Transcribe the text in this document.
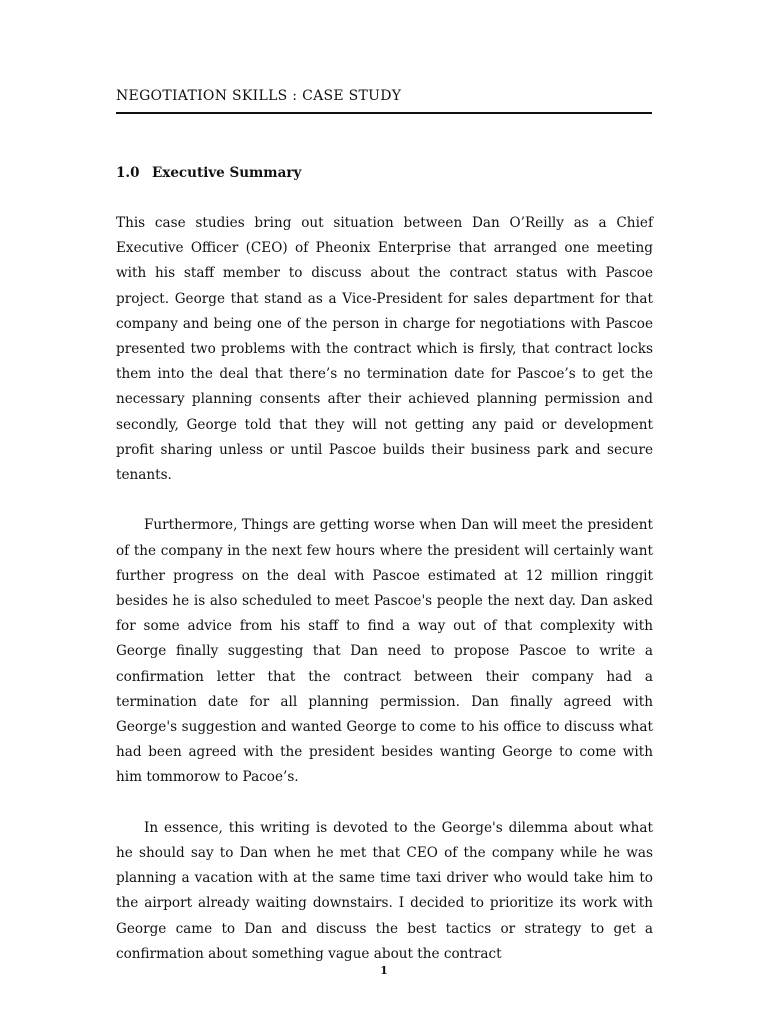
NEGOTIATION SKILLS : CASE STUDY
1.0 Executive Summary

This case studies bring out situation between Dan O’Reilly as a Chief Executive Officer (CEO) of Pheonix Enterprise that arranged one meeting with his staff member to discuss about the contract status with Pascoe project. George that stand as a Vice-President for sales department for that company and being one of the person in charge for negotiations with Pascoe presented two problems with the contract which is firsly, that contract locks them into the deal that there’s no termination date for Pascoe’s to get the necessary planning consents after their achieved planning permission and secondly, George told that they will not getting any paid or development profit sharing unless or until Pascoe builds their business park and secure tenants.

Furthermore, Things are getting worse when Dan will meet the president of the company in the next few hours where the president will certainly want further progress on the deal with Pascoe estimated at 12 million ringgit besides he is also scheduled to meet Pascoe's people the next day. Dan asked for some advice from his staff to find a way out of that complexity with George finally suggesting that Dan need to propose Pascoe to write a confirmation letter that the contract between their company had a termination date for all planning permission. Dan finally agreed with George's suggestion and wanted George to come to his office to discuss what had been agreed with the president besides wanting George to come with him tommorow to Pacoe’s.

In essence, this writing is devoted to the George's dilemma about what he should say to Dan when he met that CEO of the company while he was planning a vacation with at the same time taxi driver who would take him to the airport already waiting downstairs. I decided to prioritize its work with George came to Dan and discuss the best tactics or strategy to get a confirmation about something vague about the contract

1
